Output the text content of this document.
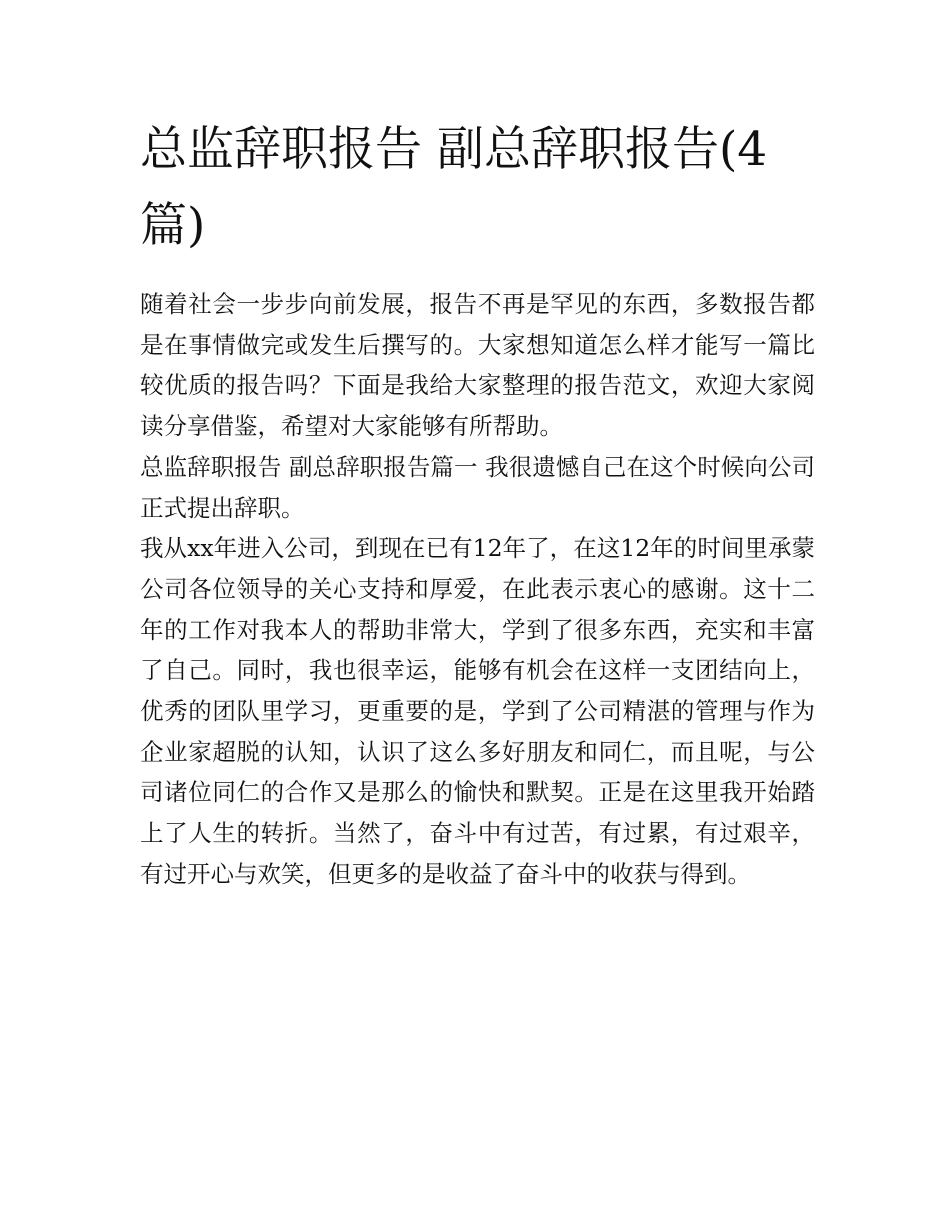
总监辞职报告 副总辞职报告(4篇)

随着社会一步步向前发展，报告不再是罕见的东西，多数报告都是在事情做完或发生后撰写的。大家想知道怎么样才能写一篇比较优质的报告吗？下面是我给大家整理的报告范文，欢迎大家阅读分享借鉴，希望对大家能够有所帮助。

总监辞职报告 副总辞职报告篇一 我很遗憾自己在这个时候向公司正式提出辞职。

我从xx年进入公司，到现在已有12年了，在这12年的时间里承蒙公司各位领导的关心支持和厚爱，在此表示衷心的感谢。这十二年的工作对我本人的帮助非常大，学到了很多东西，充实和丰富了自己。同时，我也很幸运，能够有机会在这样一支团结向上，优秀的团队里学习，更重要的是，学到了公司精湛的管理与作为企业家超脱的认知，认识了这么多好朋友和同仁，而且呢，与公司诸位同仁的合作又是那么的愉快和默契。正是在这里我开始踏上了人生的转折。当然了，奋斗中有过苦，有过累，有过艰辛，有过开心与欢笑，但更多的是收益了奋斗中的收获与得到。
